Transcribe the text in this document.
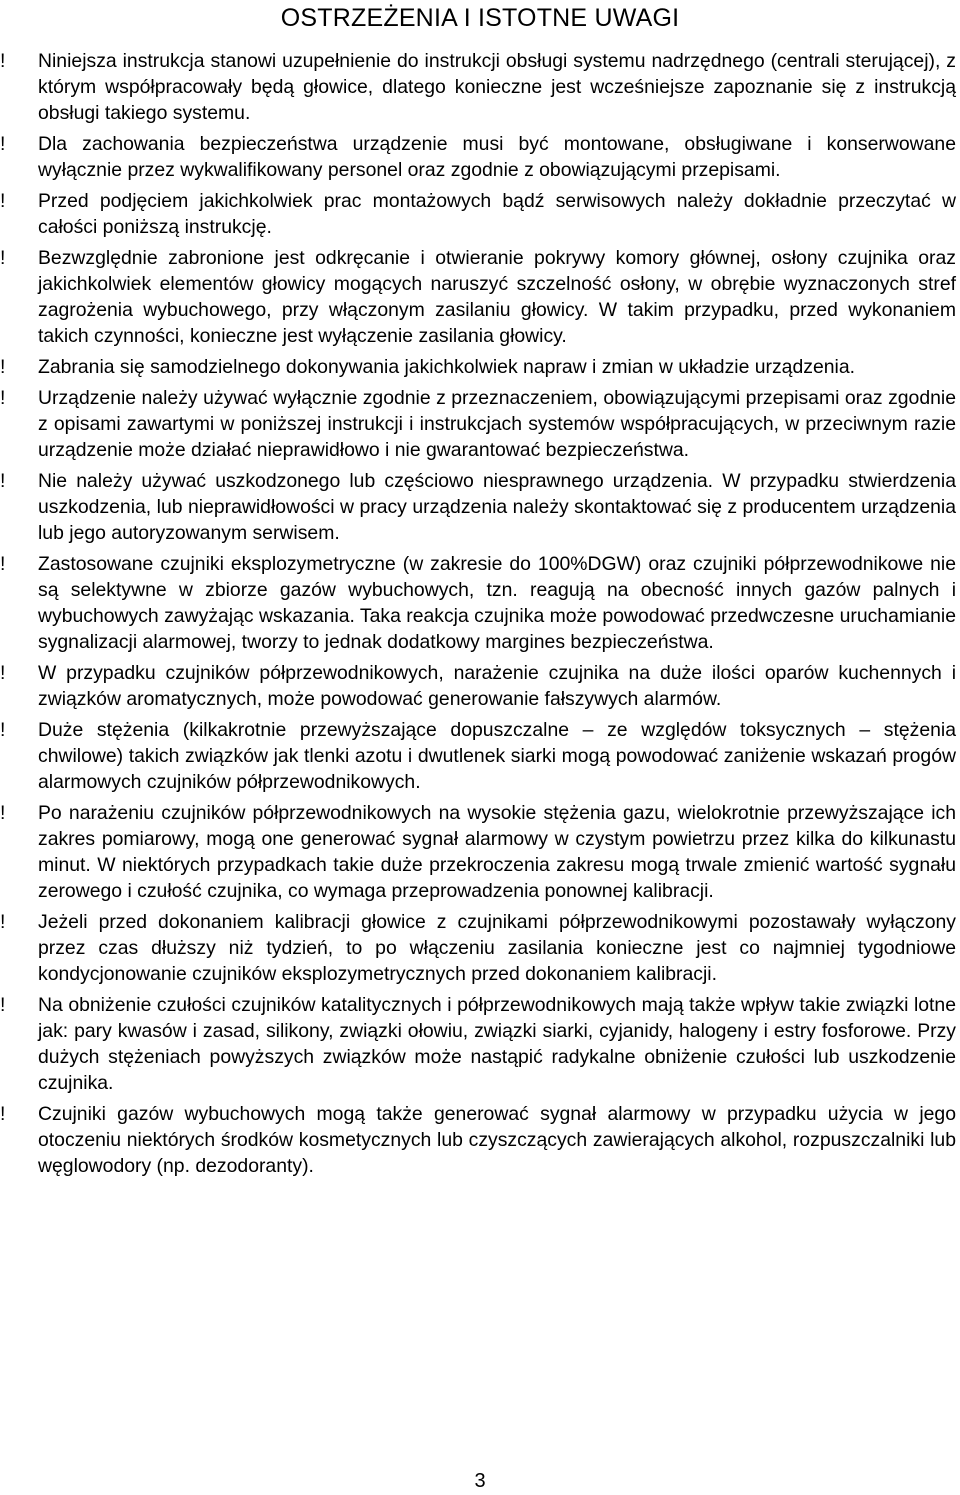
OSTRZEŻENIA I ISTOTNE UWAGI
!	Niniejsza instrukcja stanowi uzupełnienie do instrukcji obsługi systemu nadrzędnego (centrali sterującej), z którym współpracowały będą głowice, dlatego konieczne jest wcześniejsze zapoznanie się z instrukcją obsługi takiego systemu.
!	Dla zachowania bezpieczeństwa urządzenie musi być montowane, obsługiwane i konserwowane wyłącznie przez wykwalifikowany personel oraz zgodnie z obowiązującymi przepisami.
!	Przed podjęciem jakichkolwiek prac montażowych bądź serwisowych należy dokładnie przeczytać w całości poniższą instrukcję.
!	Bezwzględnie zabronione jest odkręcanie i otwieranie pokrywy komory głównej, osłony czujnika oraz jakichkolwiek elementów głowicy mogących naruszyć szczelność osłony, w obrębie wyznaczonych stref zagrożenia wybuchowego, przy włączonym zasilaniu głowicy. W takim przypadku, przed wykonaniem takich czynności, konieczne jest wyłączenie zasilania głowicy.
!	Zabrania się samodzielnego dokonywania jakichkolwiek napraw i zmian w układzie urządzenia.
!	Urządzenie należy używać wyłącznie zgodnie z przeznaczeniem, obowiązującymi przepisami oraz zgodnie z opisami zawartymi w poniższej instrukcji i instrukcjach systemów współpracujących, w przeciwnym razie urządzenie może działać nieprawidłowo i nie gwarantować bezpieczeństwa.
!	Nie należy używać uszkodzonego lub częściowo niesprawnego urządzenia. W przypadku stwierdzenia uszkodzenia, lub nieprawidłowości w pracy urządzenia należy skontaktować się z producentem urządzenia lub jego autoryzowanym serwisem.
!	Zastosowane czujniki eksplozymetryczne (w zakresie do 100%DGW) oraz czujniki półprzewodnikowe nie są selektywne w zbiorze gazów wybuchowych, tzn. reagują na obecność innych gazów palnych i wybuchowych zawyżając wskazania. Taka reakcja czujnika może powodować przedwczesne uruchamianie sygnalizacji alarmowej, tworzy to jednak dodatkowy margines bezpieczeństwa.
!	W przypadku czujników półprzewodnikowych, narażenie czujnika na duże ilości oparów kuchennych i związków aromatycznych, może powodować generowanie fałszywych alarmów.
!	Duże stężenia (kilkakrotnie przewyższające dopuszczalne – ze względów toksycznych – stężenia chwilowe) takich związków jak tlenki azotu i dwutlenek siarki mogą powodować zaniżenie wskazań progów alarmowych czujników półprzewodnikowych.
!	Po narażeniu czujników półprzewodnikowych na wysokie stężenia gazu, wielokrotnie przewyższające ich zakres pomiarowy, mogą one generować sygnał alarmowy w czystym powietrzu przez kilka do kilkunastu minut. W niektórych przypadkach takie duże przekroczenia zakresu mogą trwale zmienić wartość sygnału zerowego i czułość czujnika, co wymaga przeprowadzenia ponownej kalibracji.
!	Jeżeli przed dokonaniem kalibracji głowice z czujnikami półprzewodnikowymi pozostawały wyłączony przez czas dłuższy niż tydzień, to po włączeniu zasilania konieczne jest co najmniej tygodniowe kondycjonowanie czujników eksplozymetrycznych przed dokonaniem kalibracji.
!	Na obniżenie czułości czujników katalitycznych i półprzewodnikowych mają także wpływ takie związki lotne jak: pary kwasów i zasad, silikony, związki ołowiu, związki siarki, cyjanidy, halogeny i estry fosforowe. Przy dużych stężeniach powyższych związków może nastąpić radykalne obniżenie czułości lub uszkodzenie czujnika.
!	Czujniki gazów wybuchowych mogą także generować sygnał alarmowy w przypadku użycia w jego otoczeniu niektórych środków kosmetycznych lub czyszczących zawierających alkohol, rozpuszczalniki lub węglowodory (np. dezodoranty).
3
